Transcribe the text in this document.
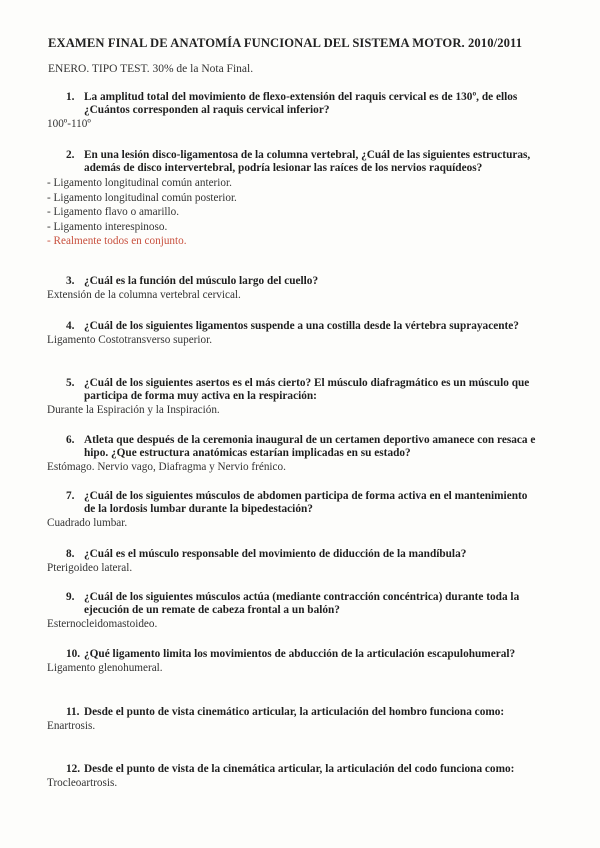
EXAMEN FINAL DE ANATOMÍA FUNCIONAL DEL SISTEMA MOTOR. 2010/2011
ENERO. TIPO TEST. 30% de la Nota Final.
1. La amplitud total del movimiento de flexo-extensión del raquis cervical es de 130º, de ellos ¿Cuántos corresponden al raquis cervical inferior?
100º-110º
2. En una lesión disco-ligamentosa de la columna vertebral, ¿Cuál de las siguientes estructuras, además de disco intervertebral, podría lesionar las raíces de los nervios raquídeos?
- Ligamento longitudinal común anterior.
- Ligamento longitudinal común posterior.
- Ligamento flavo o amarillo.
- Ligamento interespinoso.
- Realmente todos en conjunto.
3. ¿Cuál es la función del músculo largo del cuello?
Extensión de la columna vertebral cervical.
4. ¿Cuál de los siguientes ligamentos suspende a una costilla desde la vértebra suprayacente?
Ligamento Costotransverso superior.
5. ¿Cuál de los siguientes asertos es el más cierto? El músculo diafragmático es un músculo que participa de forma muy activa en la respiración:
Durante la Espiración y la Inspiración.
6. Atleta que después de la ceremonia inaugural de un certamen deportivo amanece con resaca e hipo. ¿Que estructura anatómicas estarían implicadas en su estado?
Estómago. Nervio vago, Diafragma y Nervio frénico.
7. ¿Cuál de los siguientes músculos de abdomen participa de forma activa en el mantenimiento de la lordosis lumbar durante la bipedestación?
Cuadrado lumbar.
8. ¿Cuál es el músculo responsable del movimiento de diducción de la mandíbula?
Pterigoideo lateral.
9. ¿Cuál de los siguientes músculos actúa (mediante contracción concéntrica) durante toda la ejecución de un remate de cabeza frontal a un balón?
Esternocleidomastoideo.
10. ¿Qué ligamento limita los movimientos de abducción de la articulación escapulohumeral?
Ligamento glenohumeral.
11. Desde el punto de vista cinemático articular, la articulación del hombro funciona como:
Enartrosis.
12. Desde el punto de vista de la cinemática articular, la articulación del codo funciona como:
Trocleoartrosis.
